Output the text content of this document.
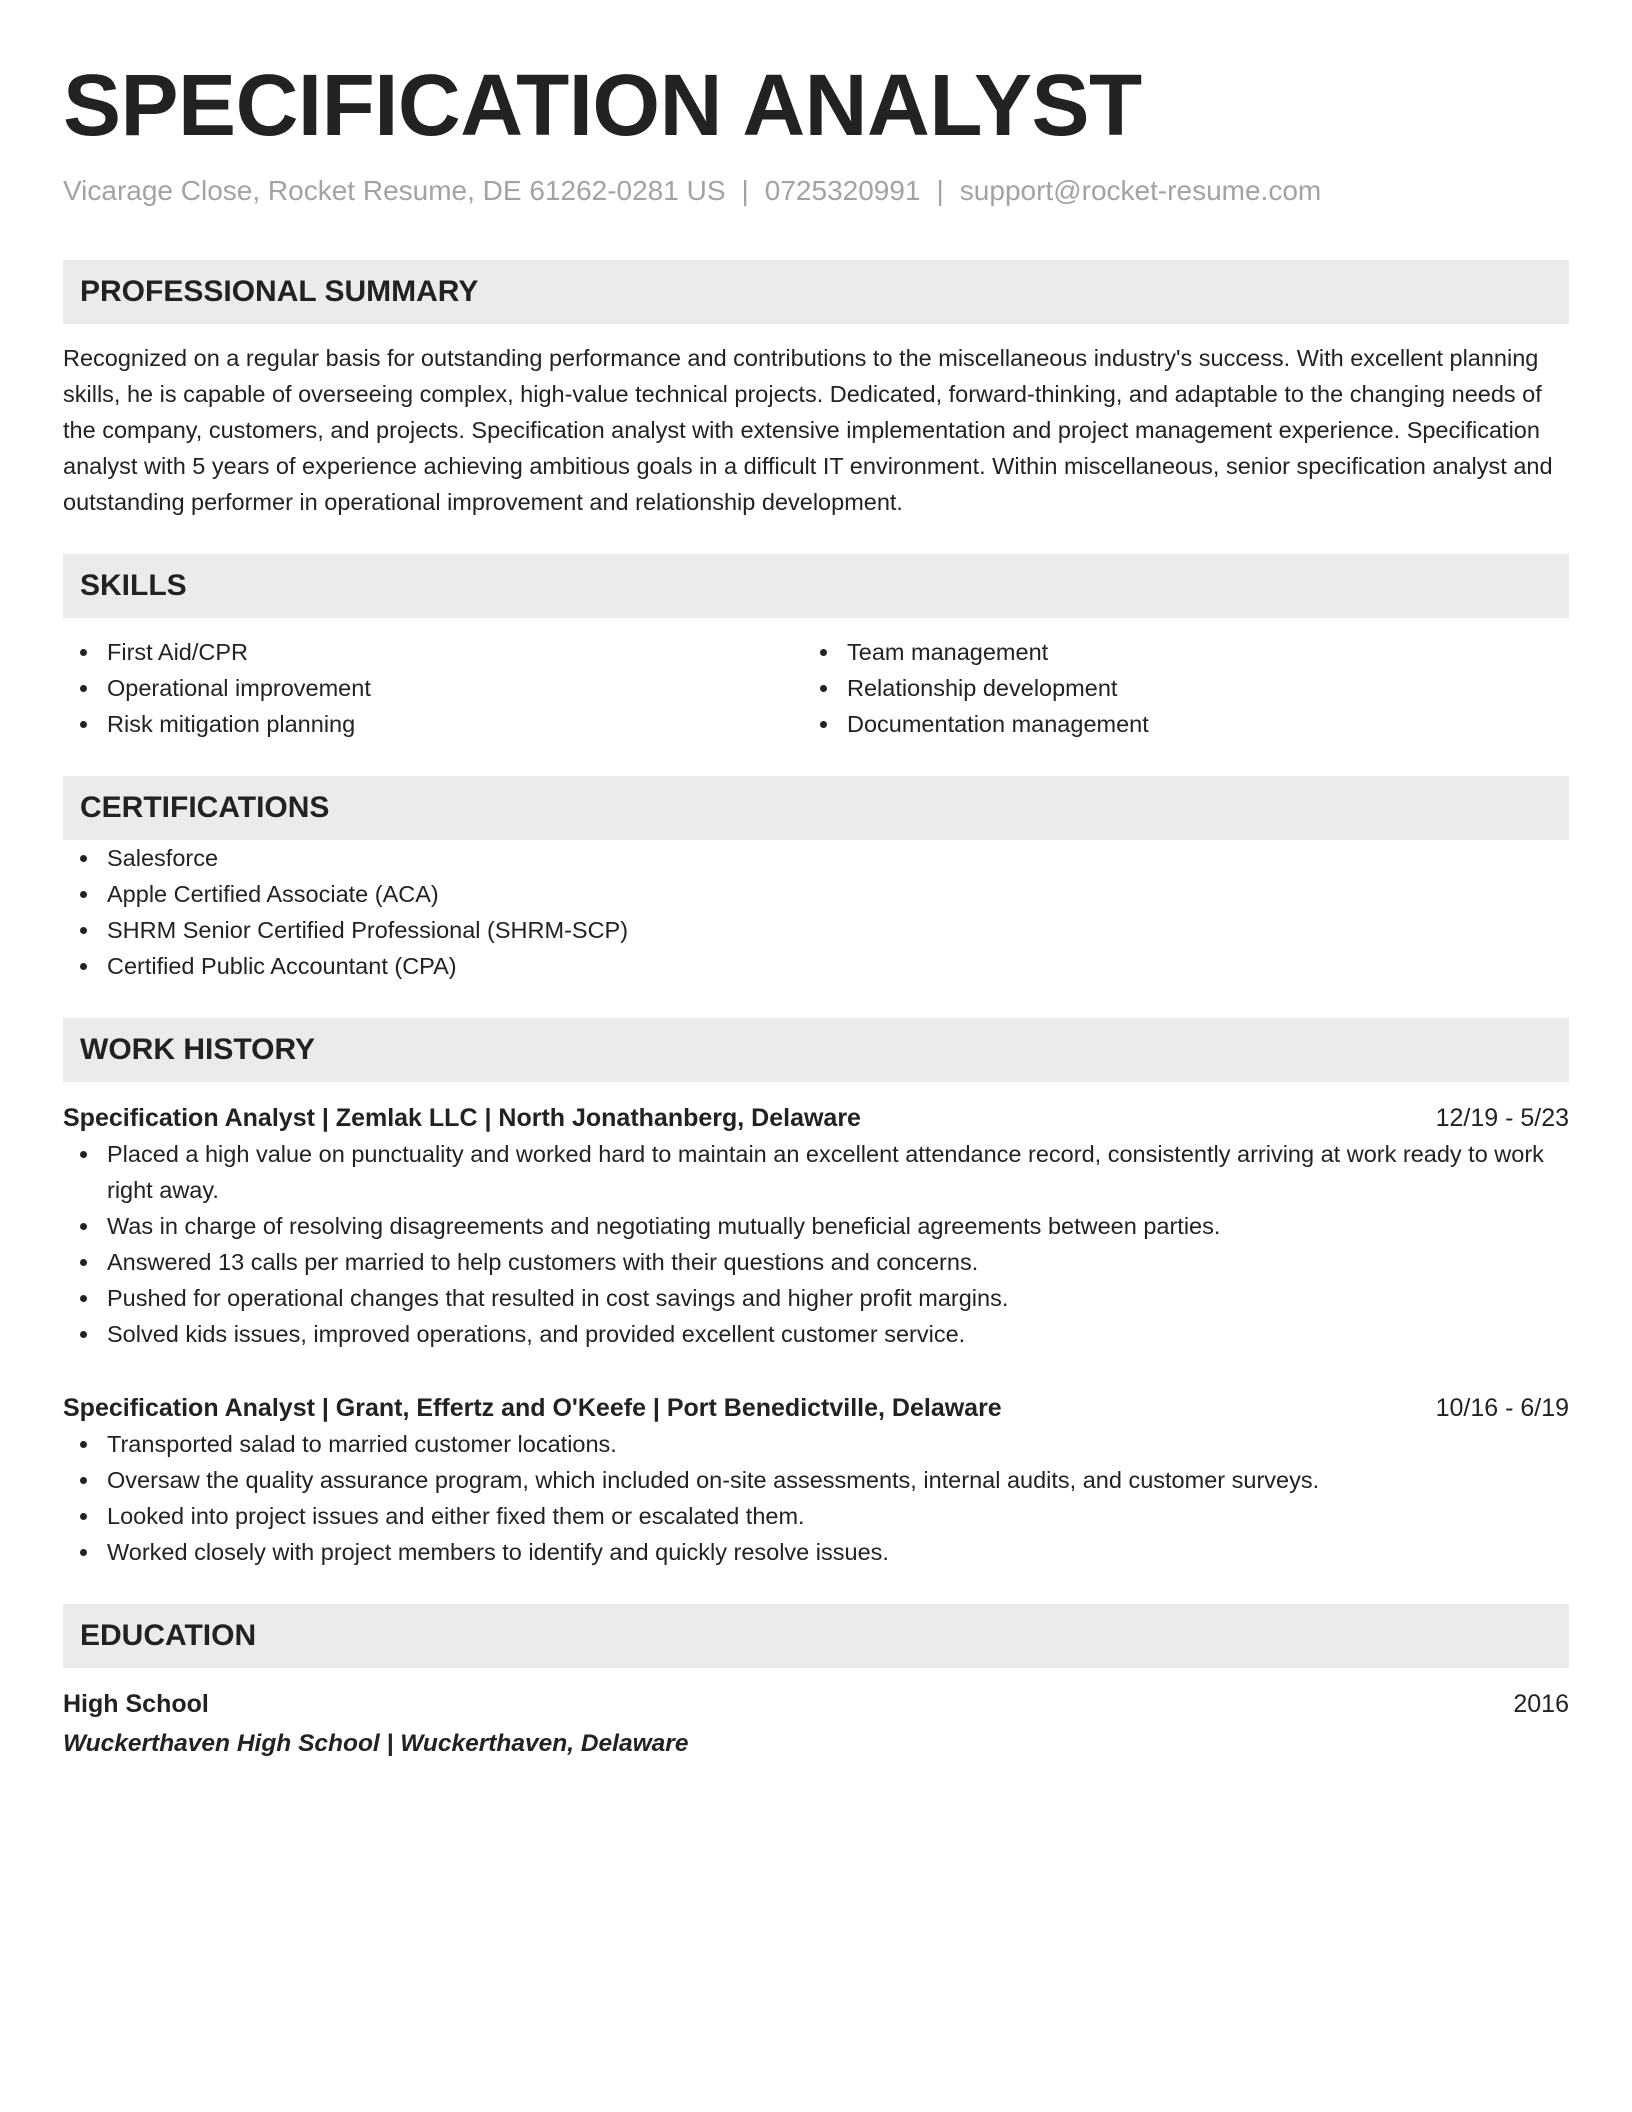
SPECIFICATION ANALYST
Vicarage Close, Rocket Resume, DE 61262-0281 US | 0725320991 | support@rocket-resume.com
PROFESSIONAL SUMMARY
Recognized on a regular basis for outstanding performance and contributions to the miscellaneous industry's success. With excellent planning skills, he is capable of overseeing complex, high-value technical projects. Dedicated, forward-thinking, and adaptable to the changing needs of the company, customers, and projects. Specification analyst with extensive implementation and project management experience. Specification analyst with 5 years of experience achieving ambitious goals in a difficult IT environment. Within miscellaneous, senior specification analyst and outstanding performer in operational improvement and relationship development.
SKILLS
First Aid/CPR
Operational improvement
Risk mitigation planning
Team management
Relationship development
Documentation management
CERTIFICATIONS
Salesforce
Apple Certified Associate (ACA)
SHRM Senior Certified Professional (SHRM-SCP)
Certified Public Accountant (CPA)
WORK HISTORY
Specification Analyst | Zemlak LLC | North Jonathanberg, Delaware	12/19 - 5/23
Placed a high value on punctuality and worked hard to maintain an excellent attendance record, consistently arriving at work ready to work right away.
Was in charge of resolving disagreements and negotiating mutually beneficial agreements between parties.
Answered 13 calls per married to help customers with their questions and concerns.
Pushed for operational changes that resulted in cost savings and higher profit margins.
Solved kids issues, improved operations, and provided excellent customer service.
Specification Analyst | Grant, Effertz and O'Keefe | Port Benedictville, Delaware	10/16 - 6/19
Transported salad to married customer locations.
Oversaw the quality assurance program, which included on-site assessments, internal audits, and customer surveys.
Looked into project issues and either fixed them or escalated them.
Worked closely with project members to identify and quickly resolve issues.
EDUCATION
High School	2016
Wuckerthaven High School | Wuckerthaven, Delaware
